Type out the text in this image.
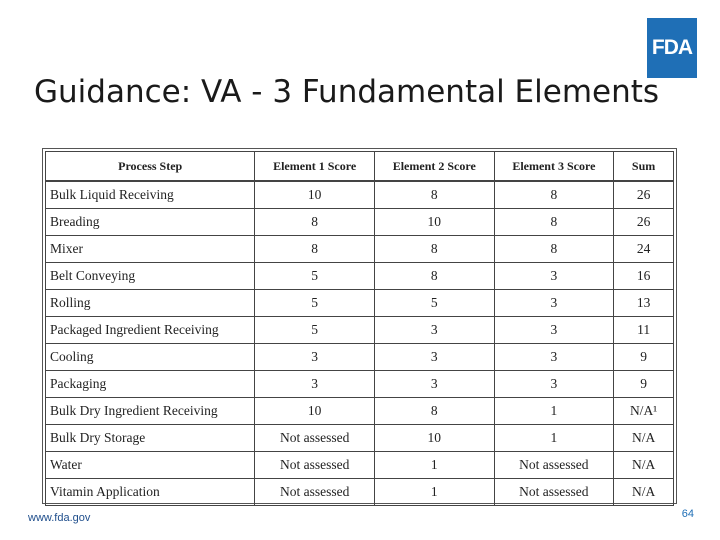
FDA
Guidance: VA - 3 Fundamental Elements
Process Step	Element 1 Score	Element 2 Score	Element 3 Score	Sum
Bulk Liquid Receiving	10	8	8	26
Breading	8	10	8	26
Mixer	8	8	8	24
Belt Conveying	5	8	3	16
Rolling	5	5	3	13
Packaged Ingredient Receiving	5	3	3	11
Cooling	3	3	3	9
Packaging	3	3	3	9
Bulk Dry Ingredient Receiving	10	8	1	N/A¹
Bulk Dry Storage	Not assessed	10	1	N/A
Water	Not assessed	1	Not assessed	N/A
Vitamin Application	Not assessed	1	Not assessed	N/A
www.fda.gov	64
